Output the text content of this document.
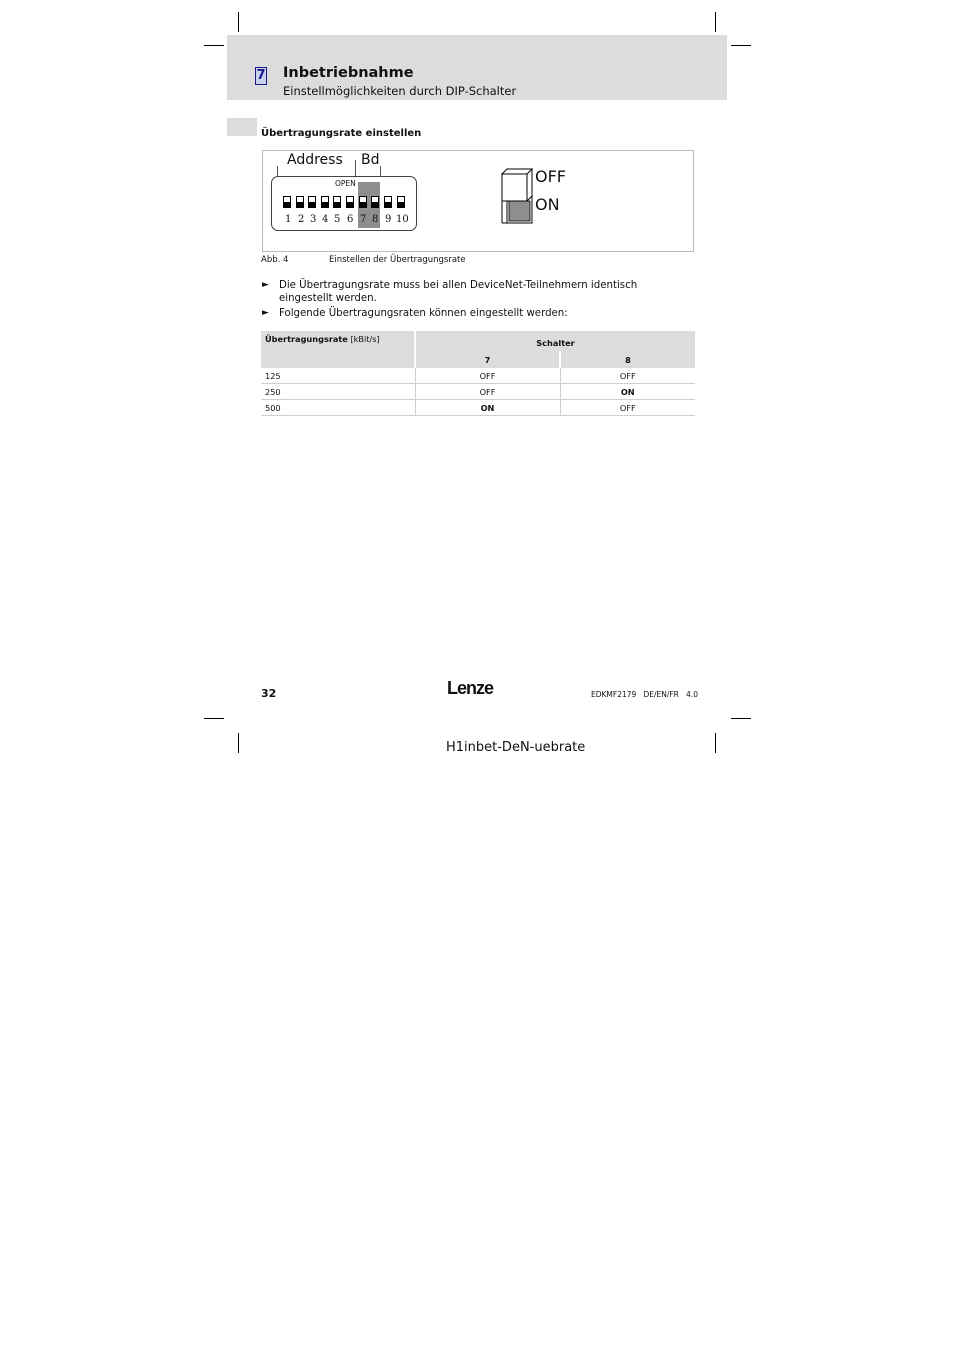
7 Inbetriebnahme
Einstellmöglichkeiten durch DIP-Schalter
Übertragungsrate einstellen
Address Bd
OPEN
1 2 3 4 5 6 7 8 9 10
OFF
ON
Abb. 4	Einstellen der Übertragungsrate
► Die Übertragungsrate muss bei allen DeviceNet-Teilnehmern identisch eingestellt werden.
► Folgende Übertragungsraten können eingestellt werden:
Übertragungsrate [kBit/s]	Schalter	
	7	8
125	OFF	OFF
250	OFF	ON
500	ON	OFF
32	Lenze	EDKMF2179   DE/EN/FR   4.0
H1inbet-DeN-uebrate
